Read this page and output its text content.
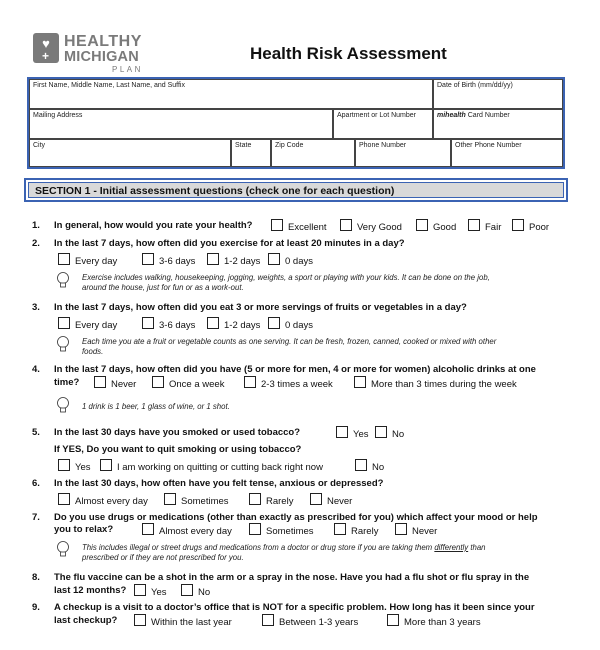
♥
+
HEALTHY
MICHIGAN
PLAN
Health Risk Assessment
First Name, Middle Name, Last Name, and Suffix	Date of Birth (mm/dd/yy)
Mailing Address	Apartment or Lot Number	mihealth Card Number
City	State	Zip Code	Phone Number	Other Phone Number
SECTION 1 - Initial assessment questions (check one for each question)
1. In general, how would you rate your health?	Excellent	Very Good	Good	Fair	Poor
2. In the last 7 days, how often did you exercise for at least 20 minutes in a day?
Every day	3-6 days	1-2 days	0 days
Exercise includes walking, housekeeping, jogging, weights, a sport or playing with your kids. It can be done on the job,
around the house, just for fun or as a work-out.
3. In the last 7 days, how often did you eat 3 or more servings of fruits or vegetables in a day?
Every day	3-6 days	1-2 days	0 days
Each time you ate a fruit or vegetable counts as one serving. It can be fresh, frozen, canned, cooked or mixed with other
foods.
4. In the last 7 days, how often did you have (5 or more for men, 4 or more for women) alcoholic drinks at one
time?	Never	Once a week	2-3 times a week	More than 3 times during the week
1 drink is 1 beer, 1 glass of wine, or 1 shot.
5. In the last 30 days have you smoked or used tobacco?	Yes	No
If YES, Do you want to quit smoking or using tobacco?
Yes	I am working on quitting or cutting back right now	No
6. In the last 30 days, how often have you felt tense, anxious or depressed?
Almost every day	Sometimes	Rarely	Never
7. Do you use drugs or medications (other than exactly as prescribed for you) which affect your mood or help
you to relax?	Almost every day	Sometimes	Rarely	Never
This includes illegal or street drugs and medications from a doctor or drug store if you are taking them differently than
prescribed or if they are not prescribed for you.
8. The flu vaccine can be a shot in the arm or a spray in the nose. Have you had a flu shot or flu spray in the
last 12 months?	Yes	No
9. A checkup is a visit to a doctor’s office that is NOT for a specific problem. How long has it been since your
last checkup?	Within the last year	Between 1-3 years	More than 3 years
